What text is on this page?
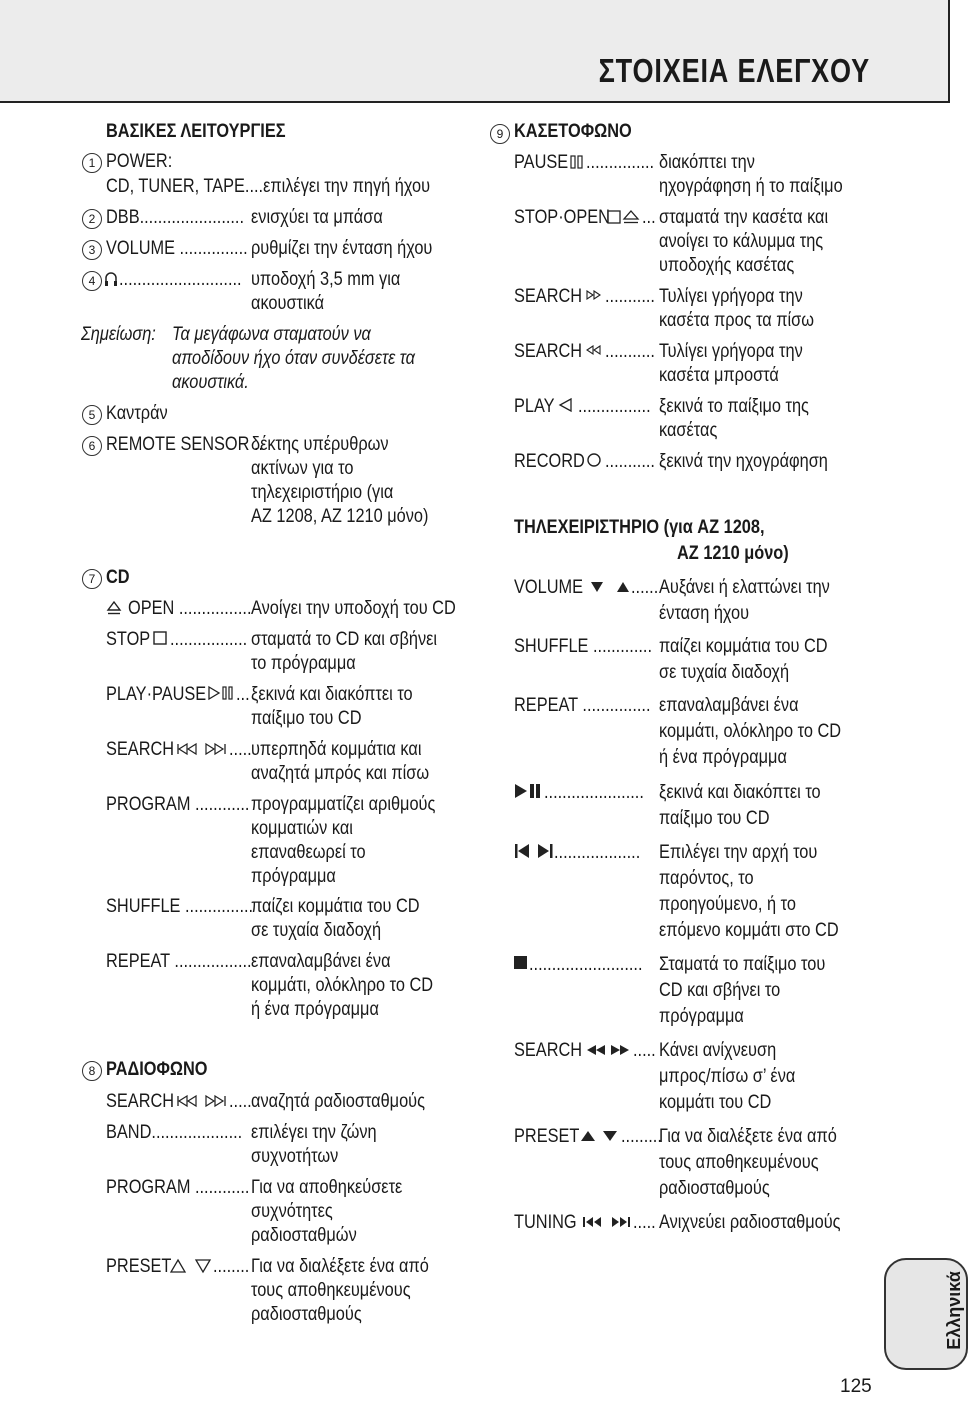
ΣΤΟΙΧΕΙΑ ΕΛΕΓΧΟΥ
ΒΑΣΙΚΕΣ ΛΕΙΤΟΥΡΓΙΕΣ
1 POWER:
CD, TUNER, TAPE....επιλέγει την πηγή ήχου
2 DBB....................... ενισχύει τα μπάσα
3 VOLUME ............... ρυθμίζει την ένταση ήχου
4	........................... υποδοχή 3,5 mm για
ακουστικά
Σημείωση: Τα μεγάφωνα σταματούν να
αποδίδουν ήχο όταν συνδέσετε τα
ακουστικά.
5 Καντράν
6 REMOTE SENSOR ..
δέκτης υπέρυθρων
ακτίνων για το
τηλεχειριστήριο (για
AZ 1208, AZ 1210 μόνο)
7 CD
OPEN ................ Ανοίγει την υποδοχή του CD
STOP	................. σταματά το CD και σβήνει
το πρόγραμμα
PLAY·PAUSE	... ξεκινά και διακόπτει το
παίξιμο του CD
SEARCH	..... υπερπηδά κομμάτια και
αναζητά μπρός και πίσω
PROGRAM ............ προγραμματίζει αριθμούς
κομματιών και
επαναθεωρεί το
πρόγραμμα
SHUFFLE ...............
παίζει κομμάτια του CD
σε τυχαία διαδοχή
REPEAT ................. επαναλαμβάνει ένα
κομμάτι, ολόκληρο το CD
ή ένα πρόγραμμα
8 ΡΑΔΙΟΦΩΝΟ
SEARCH	..... αναζητά ραδιοσταθμούς
BAND.................... επιλέγει την ζώνη
συχνοτήτων
PROGRAM ............ Για να αποθηκεύσετε
συχνότητες
ραδιοσταθμών
PRESET	........ Για να διαλέξετε ένα από
τους αποθηκευμένους
ραδιοσταθμούς
9 ΚΑΣΕΤΟΦΩΝΟ
PAUSE ............... διακόπτει την
ηχογράφηση ή το παίξιμο
STOP·OPEN	... σταματά την κασέτα και
ανοίγει το κάλυμμα της
υποδοχής κασέτας
SEARCH	........... Τυλίγει γρήγορα την
κασέτα προς τα πίσω
SEARCH	........... Τυλίγει γρήγορα την
κασέτα μπροστά
PLAY	................ ξεκινά το παίξιμο της
κασέτας
RECORD	........... ξεκινά την ηχογράφηση
ΤΗΛΕΧΕΙΡΙΣΤΗΡΙΟ (για AZ 1208,
AZ 1210 μόνο)
VOLUME	...... Αυξάνει ή ελαττώνει την
ένταση ήχου
SHUFFLE ............. παίζει κομμάτια του CD
σε τυχαία διαδοχή
REPEAT ............... επαναλαμβάνει ένα
κομμάτι, ολόκληρο το CD
ή ένα πρόγραμμα
...................... ξεκινά και διακόπτει το
παίξιμο του CD
................... Επιλέγει την αρχή του
παρόντος, το
προηγούμενο, ή το
επόμενο κομμάτι στο CD
......................... Σταματά το παίξιμο του
CD και σβήνει το
πρόγραμμα
SEARCH	..... Κάνει ανίχνευση
μπρος/πίσω σ’ ένα
κομμάτι του CD
PRESET	.........
Για να διαλέξετε ένα από
τους αποθηκευμένους
ραδιοσταθμούς
TUNING	..... Ανιχνεύει ραδιοσταθμούς
Ελληνικά
125
